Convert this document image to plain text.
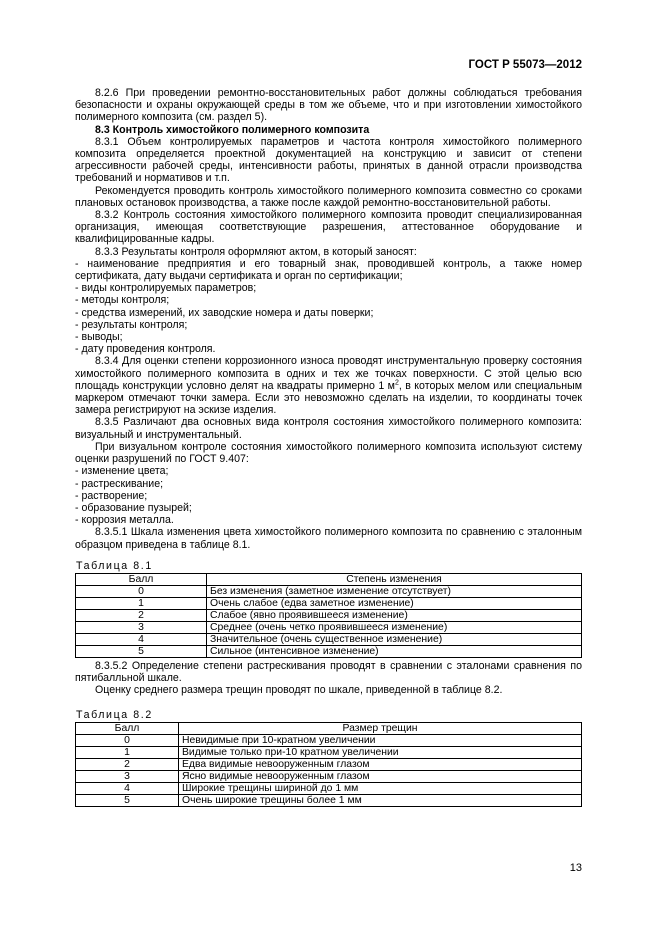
ГОСТ Р 55073—2012

8.2.6 При проведении ремонтно-восстановительных работ должны соблюдаться требования безопасности и охраны окружающей среды в том же объеме, что и при изготовлении химостойкого полимерного композита (см. раздел 5).

8.3 Контроль химостойкого полимерного композита

8.3.1 Объем контролируемых параметров и частота контроля химостойкого полимерного композита определяется проектной документацией на конструкцию и зависит от степени агрессивности рабочей среды, интенсивности работы, принятых в данной отрасли производства требований и нормативов и т.п.

Рекомендуется проводить контроль химостойкого полимерного композита совместно со сроками плановых остановок производства, а также после каждой ремонтно-восстановительной работы.

8.3.2 Контроль состояния химостойкого полимерного композита проводит специализированная организация, имеющая соответствующие разрешения, аттестованное оборудование и квалифицированные кадры.

8.3.3 Результаты контроля оформляют актом, в который заносят:

- наименование предприятия и его товарный знак, проводившей контроль, а также номер сертификата, дату выдачи сертификата и орган по сертификации;
- виды контролируемых параметров;
- методы контроля;
- средства измерений, их заводские номера и даты поверки;
- результаты контроля;
- выводы;
- дату проведения контроля.

8.3.4 Для оценки степени коррозионного износа проводят инструментальную проверку состояния химостойкого полимерного композита в одних и тех же точках поверхности. С этой целью всю площадь конструкции условно делят на квадраты примерно 1 $м^2$, в которых мелом или специальным маркером отмечают точки замера. Если это невозможно сделать на изделии, то координаты точек замера регистрируют на эскизе изделия.

8.3.5 Различают два основных вида контроля состояния химостойкого полимерного композита: визуальный и инструментальный.

При визуальном контроле состояния химостойкого полимерного композита используют систему оценки разрушений по ГОСТ 9.407:

- изменение цвета;
- растрескивание;
- растворение;
- образование пузырей;
- коррозия металла.

8.3.5.1 Шкала изменения цвета химостойкого полимерного композита по сравнению с эталонным образцом приведена в таблице 8.1.

Таблица 8.1
Балл	Степень изменения
0	Без изменения (заметное изменение отсутствует)
1	Очень слабое (едва заметное изменение)
2	Слабое (явно проявившееся изменение)
3	Среднее (очень четко проявившееся изменение)
4	Значительное (очень существенное изменение)
5	Сильное (интенсивное изменение)

8.3.5.2 Определение степени растрескивания проводят в сравнении с эталонами сравнения по пятибалльной шкале.

Оценку среднего размера трещин проводят по шкале, приведенной в таблице 8.2.

Таблица 8.2
Балл	Размер трещин
0	Невидимые при 10-кратном увеличении
1	Видимые только при-10 кратном увеличении
2	Едва видимые невооруженным глазом
3	Ясно видимые невооруженным глазом
4	Широкие трещины шириной до 1 мм
5	Очень широкие трещины более 1 мм
13
